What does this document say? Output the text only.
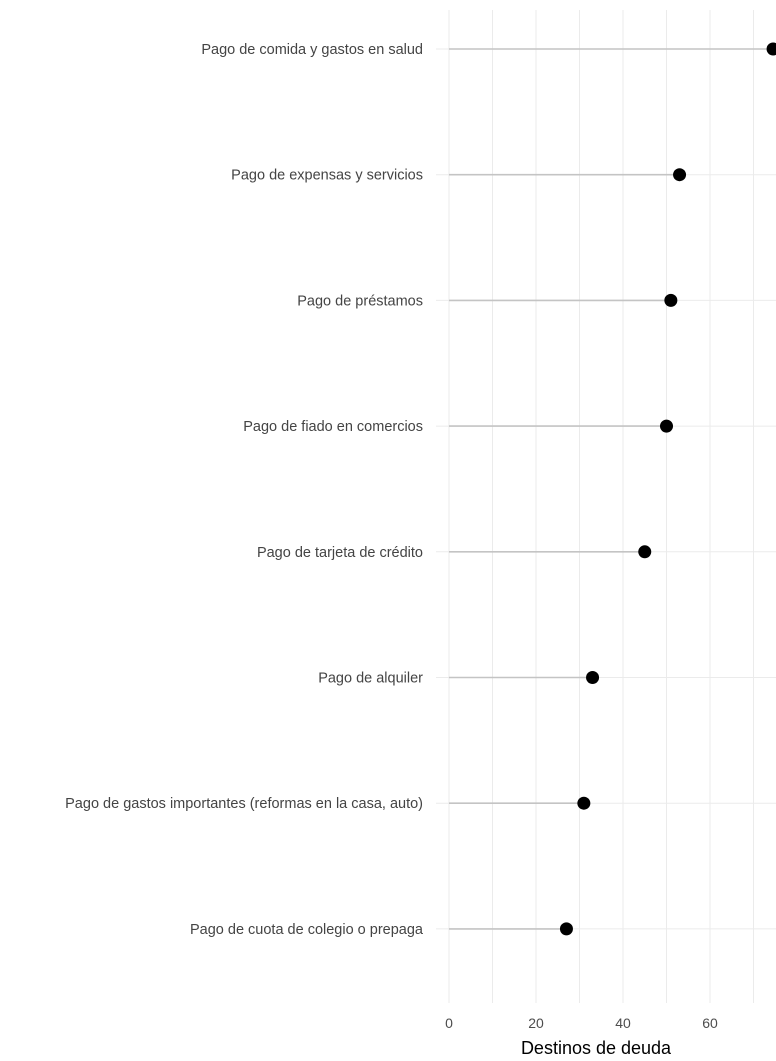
Pago de comida y gastos en salud
Pago de expensas y servicios
Pago de préstamos
Pago de fiado en comercios
Pago de tarjeta de crédito
Pago de alquiler
Pago de gastos importantes (reformas en la casa, auto)
Pago de cuota de colegio o prepaga
0	20	40	60
Destinos de deuda
